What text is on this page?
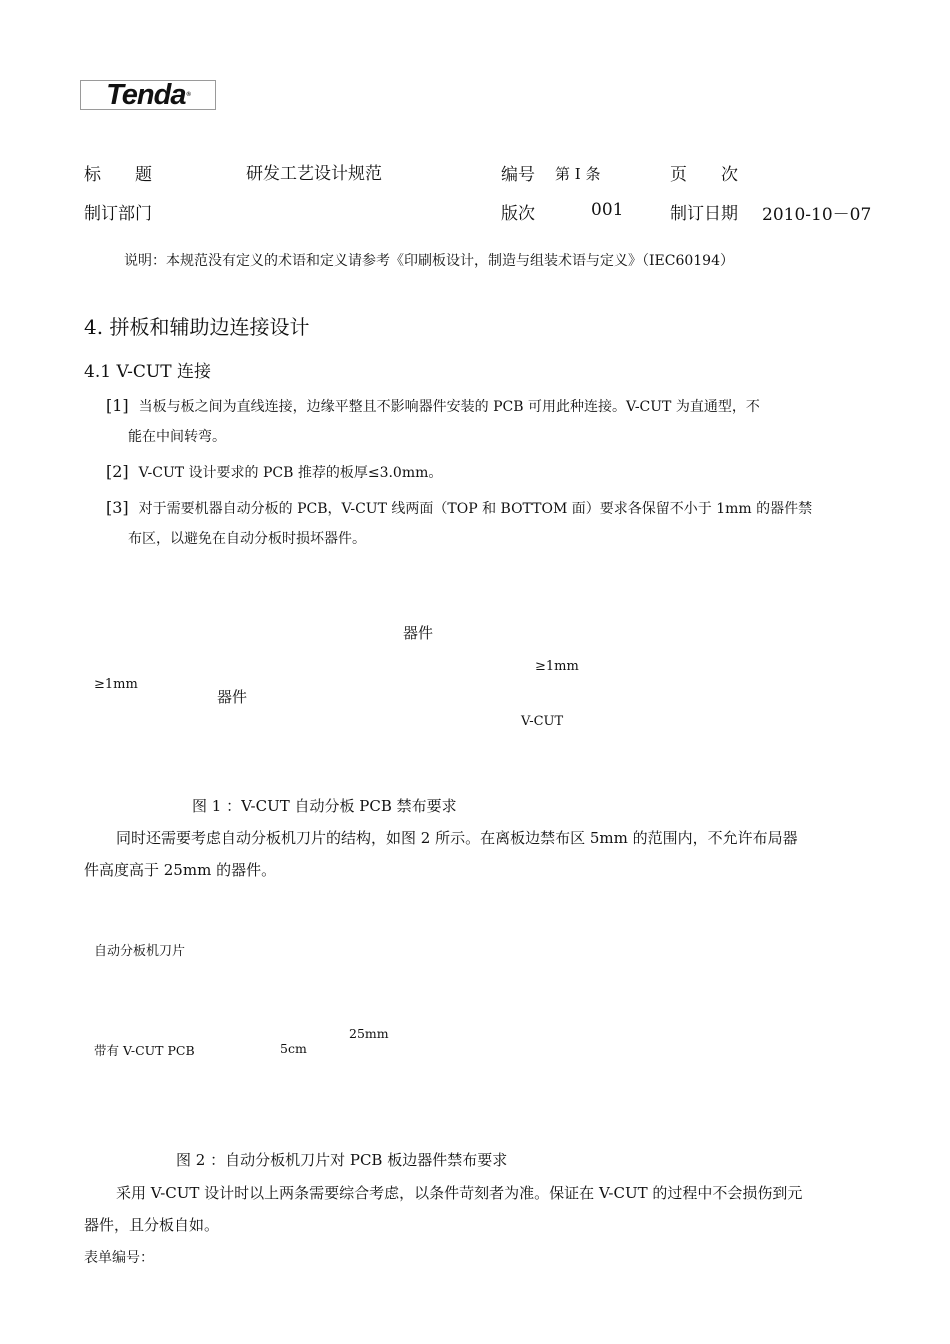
Tenda ®
标　　题	研发工艺设计规范	编号 第 I 条	页　　次
制订部门	版次	001	制订日期 2010-10－07
说明：本规范没有定义的术语和定义请参考《印刷板设计，制造与组装术语与定义》（IEC60194）
4. 拼板和辅助边连接设计
4.1 V-CUT 连接
[1] 当板与板之间为直线连接，边缘平整且不影响器件安装的 PCB 可用此种连接。V-CUT 为直通型，不
能在中间转弯。
[2] V-CUT 设计要求的 PCB 推荐的板厚≤3.0mm。
[3] 对于需要机器自动分板的 PCB，V-CUT 线两面（TOP 和 BOTTOM 面）要求各保留不小于 1mm 的器件禁
布区，以避免在自动分板时损坏器件。
器件
≥1mm
≥1mm
器件
V-CUT
图 1 ：V-CUT 自动分板 PCB 禁布要求
同时还需要考虑自动分板机刀片的结构，如图 2 所示。在离板边禁布区 5mm 的范围内，不允许布局器
件高度高于 25mm 的器件。
自动分板机刀片
25mm
带有 V-CUT PCB	5cm
图 2 ：自动分板机刀片对 PCB 板边器件禁布要求
采用 V-CUT 设计时以上两条需要综合考虑，以条件苛刻者为准。保证在 V-CUT 的过程中不会损伤到元
器件，且分板自如。
表单编号：
